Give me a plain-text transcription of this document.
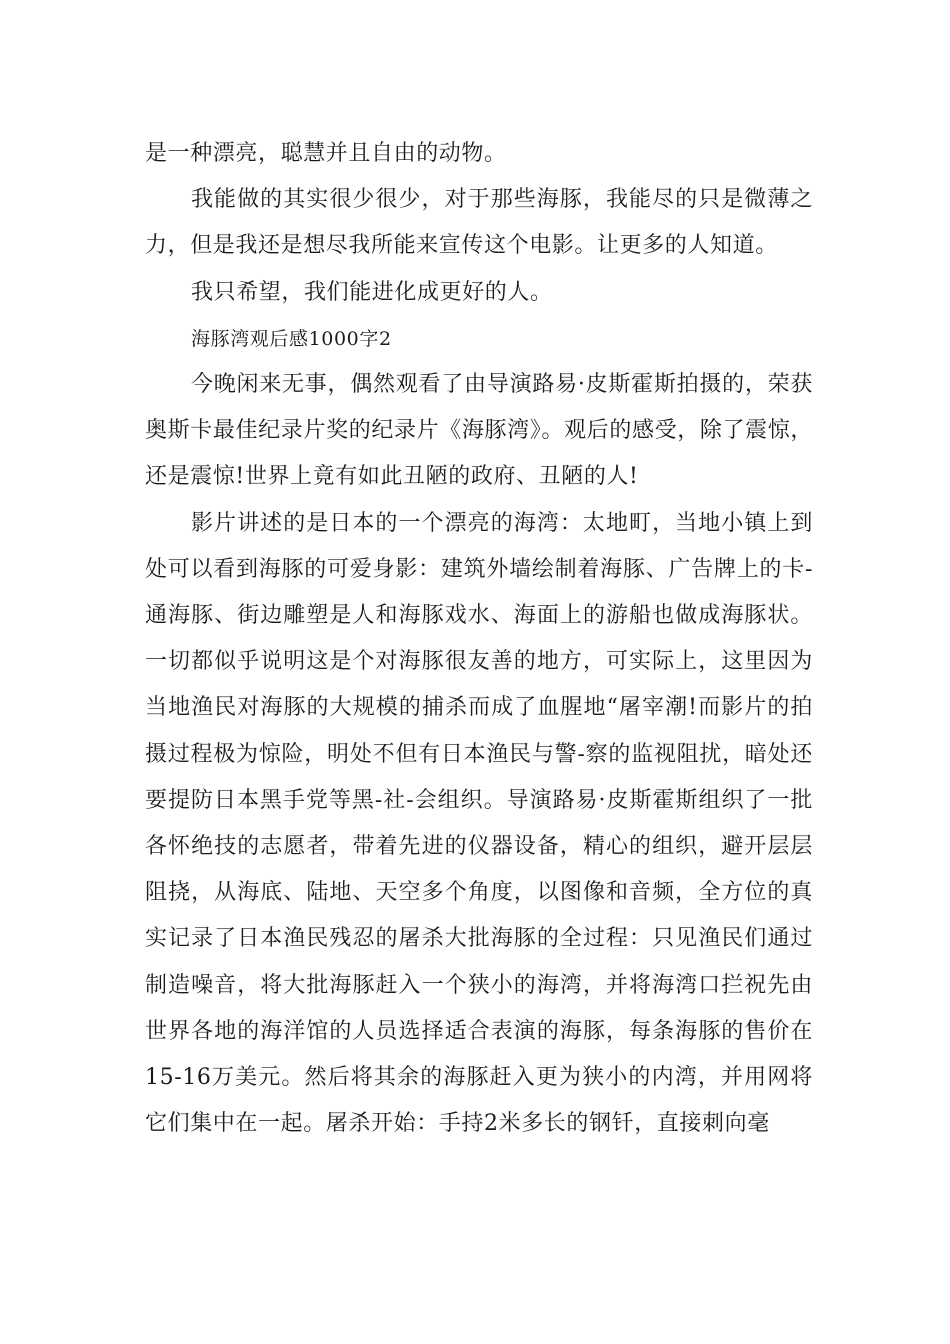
是一种漂亮，聪慧并且自由的动物。

我能做的其实很少很少，对于那些海豚，我能尽的只是微薄之力，但是我还是想尽我所能来宣传这个电影。让更多的人知道。

我只希望，我们能进化成更好的人。

海豚湾观后感1000字2

今晚闲来无事，偶然观看了由导演路易·皮斯霍斯拍摄的，荣获奥斯卡最佳纪录片奖的纪录片《海豚湾》。观后的感受，除了震惊，还是震惊!世界上竟有如此丑陋的政府、丑陋的人!

影片讲述的是日本的一个漂亮的海湾：太地町，当地小镇上到处可以看到海豚的可爱身影：建筑外墙绘制着海豚、广告牌上的卡-通海豚、街边雕塑是人和海豚戏水、海面上的游船也做成海豚状。一切都似乎说明这是个对海豚很友善的地方，可实际上，这里因为当地渔民对海豚的大规模的捕杀而成了血腥地“屠宰潮!而影片的拍摄过程极为惊险，明处不但有日本渔民与警-察的监视阻扰，暗处还要提防日本黑手党等黑-社-会组织。导演路易·皮斯霍斯组织了一批各怀绝技的志愿者，带着先进的仪器设备，精心的组织，避开层层阻挠，从海底、陆地、天空多个角度，以图像和音频，全方位的真实记录了日本渔民残忍的屠杀大批海豚的全过程：只见渔民们通过制造噪音，将大批海豚赶入一个狭小的海湾，并将海湾口拦祝先由世界各地的海洋馆的人员选择适合表演的海豚，每条海豚的售价在15-16万美元。然后将其余的海豚赶入更为狭小的内湾，并用网将它们集中在一起。屠杀开始：手持2米多长的钢钎，直接刺向毫
